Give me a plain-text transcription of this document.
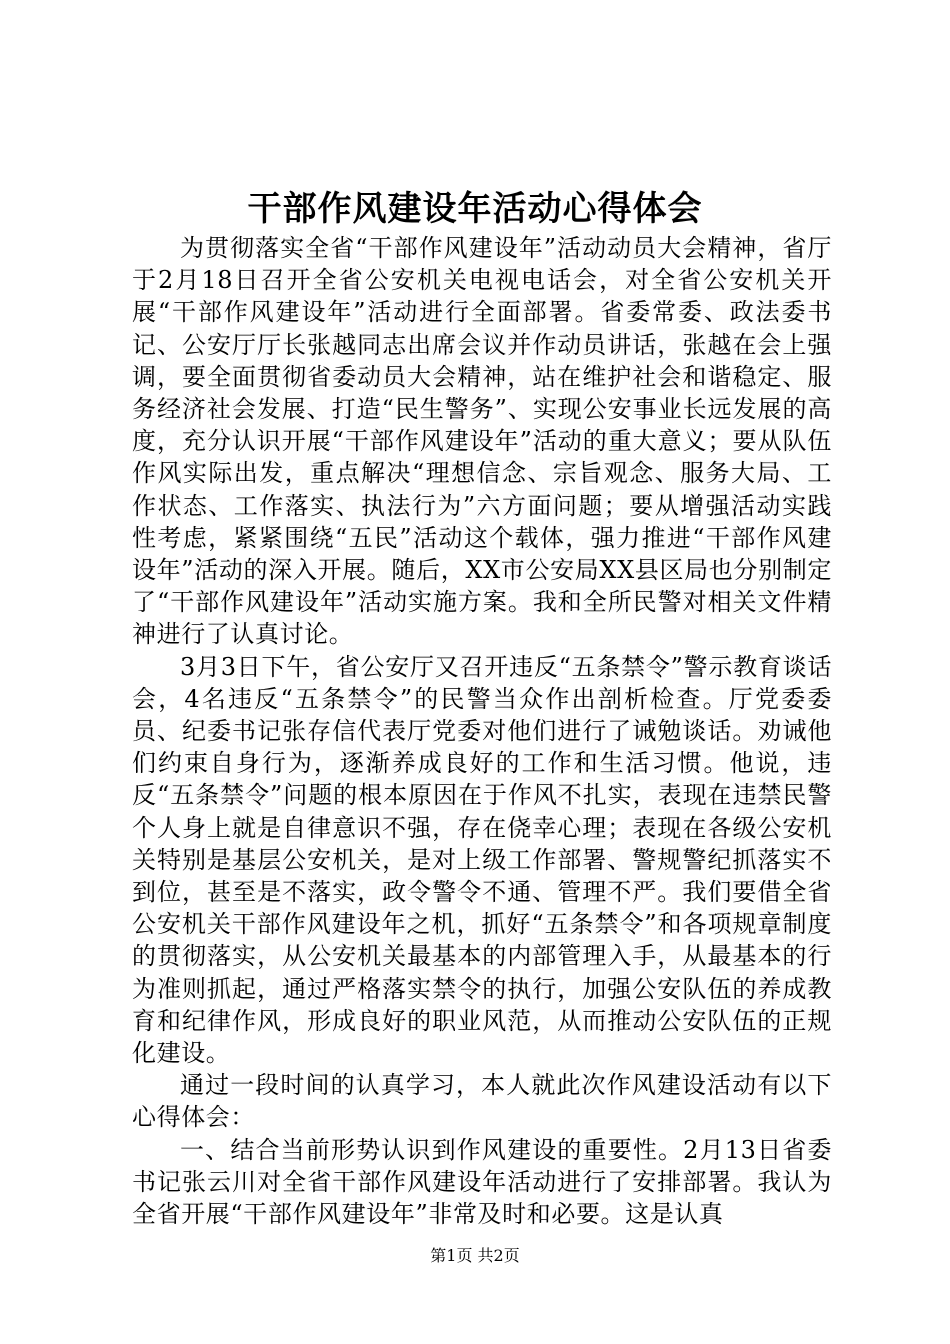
干部作风建设年活动心得体会

为贯彻落实全省“干部作风建设年”活动动员大会精神，省厅于2月18日召开全省公安机关电视电话会，对全省公安机关开展“干部作风建设年”活动进行全面部署。省委常委、政法委书记、公安厅厅长张越同志出席会议并作动员讲话，张越在会上强调，要全面贯彻省委动员大会精神，站在维护社会和谐稳定、服务经济社会发展、打造“民生警务”、实现公安事业长远发展的高度，充分认识开展“干部作风建设年”活动的重大意义；要从队伍作风实际出发，重点解决“理想信念、宗旨观念、服务大局、工作状态、工作落实、执法行为”六方面问题；要从增强活动实践性考虑，紧紧围绕“五民”活动这个载体，强力推进“干部作风建设年”活动的深入开展。随后，XX市公安局XX县区局也分别制定了“干部作风建设年”活动实施方案。我和全所民警对相关文件精神进行了认真讨论。

3月3日下午，省公安厅又召开违反“五条禁令”警示教育谈话会，4名违反“五条禁令”的民警当众作出剖析检查。厅党委委员、纪委书记张存信代表厅党委对他们进行了诫勉谈话。劝诫他们约束自身行为，逐渐养成良好的工作和生活习惯。他说，违反“五条禁令”问题的根本原因在于作风不扎实，表现在违禁民警个人身上就是自律意识不强，存在侥幸心理；表现在各级公安机关特别是基层公安机关，是对上级工作部署、警规警纪抓落实不到位，甚至是不落实，政令警令不通、管理不严。我们要借全省公安机关干部作风建设年之机，抓好“五条禁令”和各项规章制度的贯彻落实，从公安机关最基本的内部管理入手，从最基本的行为准则抓起，通过严格落实禁令的执行，加强公安队伍的养成教育和纪律作风，形成良好的职业风范，从而推动公安队伍的正规化建设。

通过一段时间的认真学习，本人就此次作风建设活动有以下心得体会：

一、结合当前形势认识到作风建设的重要性。2月13日省委书记张云川对全省干部作风建设年活动进行了安排部署。我认为全省开展“干部作风建设年”非常及时和必要。这是认真

第1页 共2页
